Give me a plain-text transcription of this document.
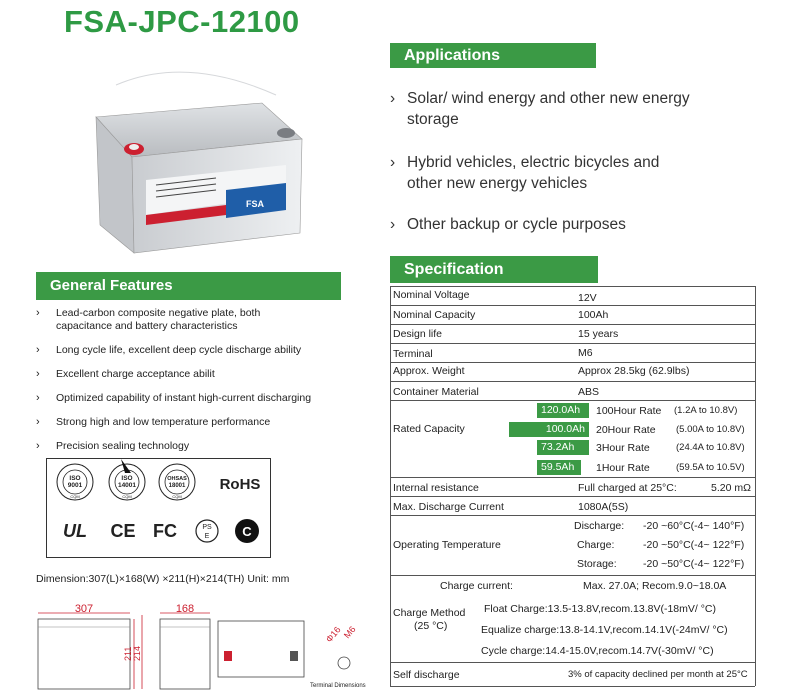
FSA-JPC-12100
FSA
General Features
› Lead-carbon composite negative plate, both
capacitance and battery characteristics
› Long cycle life, excellent deep cycle discharge ability
› Excellent charge acceptance abilit
› Optimized capability of instant high-current discharging
› Strong high and low temperature performance
› Precision sealing technology
ISO
9001
CQM
ISO
14001
CQM
OHSAS
18001
CQM
RoHS
UL CE FC	PS
E	C
Dimension:307(L)×168(W) ×211(H)×214(TH) Unit: mm
307
211 214
168
Φ16 M6
Terminal Dimensions
Applications
› Solar/ wind energy and other new energy
storage
› Hybrid vehicles, electric bicycles and
other new energy vehicles
› Other backup or cycle purposes
Specification
Nominal Voltage	12V
Nominal Capacity	100Ah
Design life	15 years
Terminal	M6
Approx. Weight	Approx 28.5kg (62.9lbs)
Container Material	ABS
Rated Capacity
120.0Ah	100Hour Rate (1.2A to 10.8V)
100.0Ah	20Hour Rate (5.00A to 10.8V)
73.2Ah	3Hour Rate	(24.4A to 10.8V)
59.5Ah	1Hour Rate	(59.5A to 10.5V)
Internal resistance	Full charged at 25°C:	5.20 mΩ
Max. Discharge Current	1080A(5S)
Operating Temperature
Discharge: -20 ~60°C(-4~ 140°F)
Charge:	-20 ~50°C(-4~ 122°F)
Storage:	-20 ~50°C(-4~ 122°F)
Charge current:	Max. 27.0A; Recom.9.0~18.0A
Charge Method
(25 °C)
Float Charge:13.5-13.8V,recom.13.8V(-18mV/ °C)
Equalize charge:13.8-14.1V,recom.14.1V(-24mV/ °C)
Cycle charge:14.4-15.0V,recom.14.7V(-30mV/ °C)
Self discharge	3% of capacity declined per month at 25°C
